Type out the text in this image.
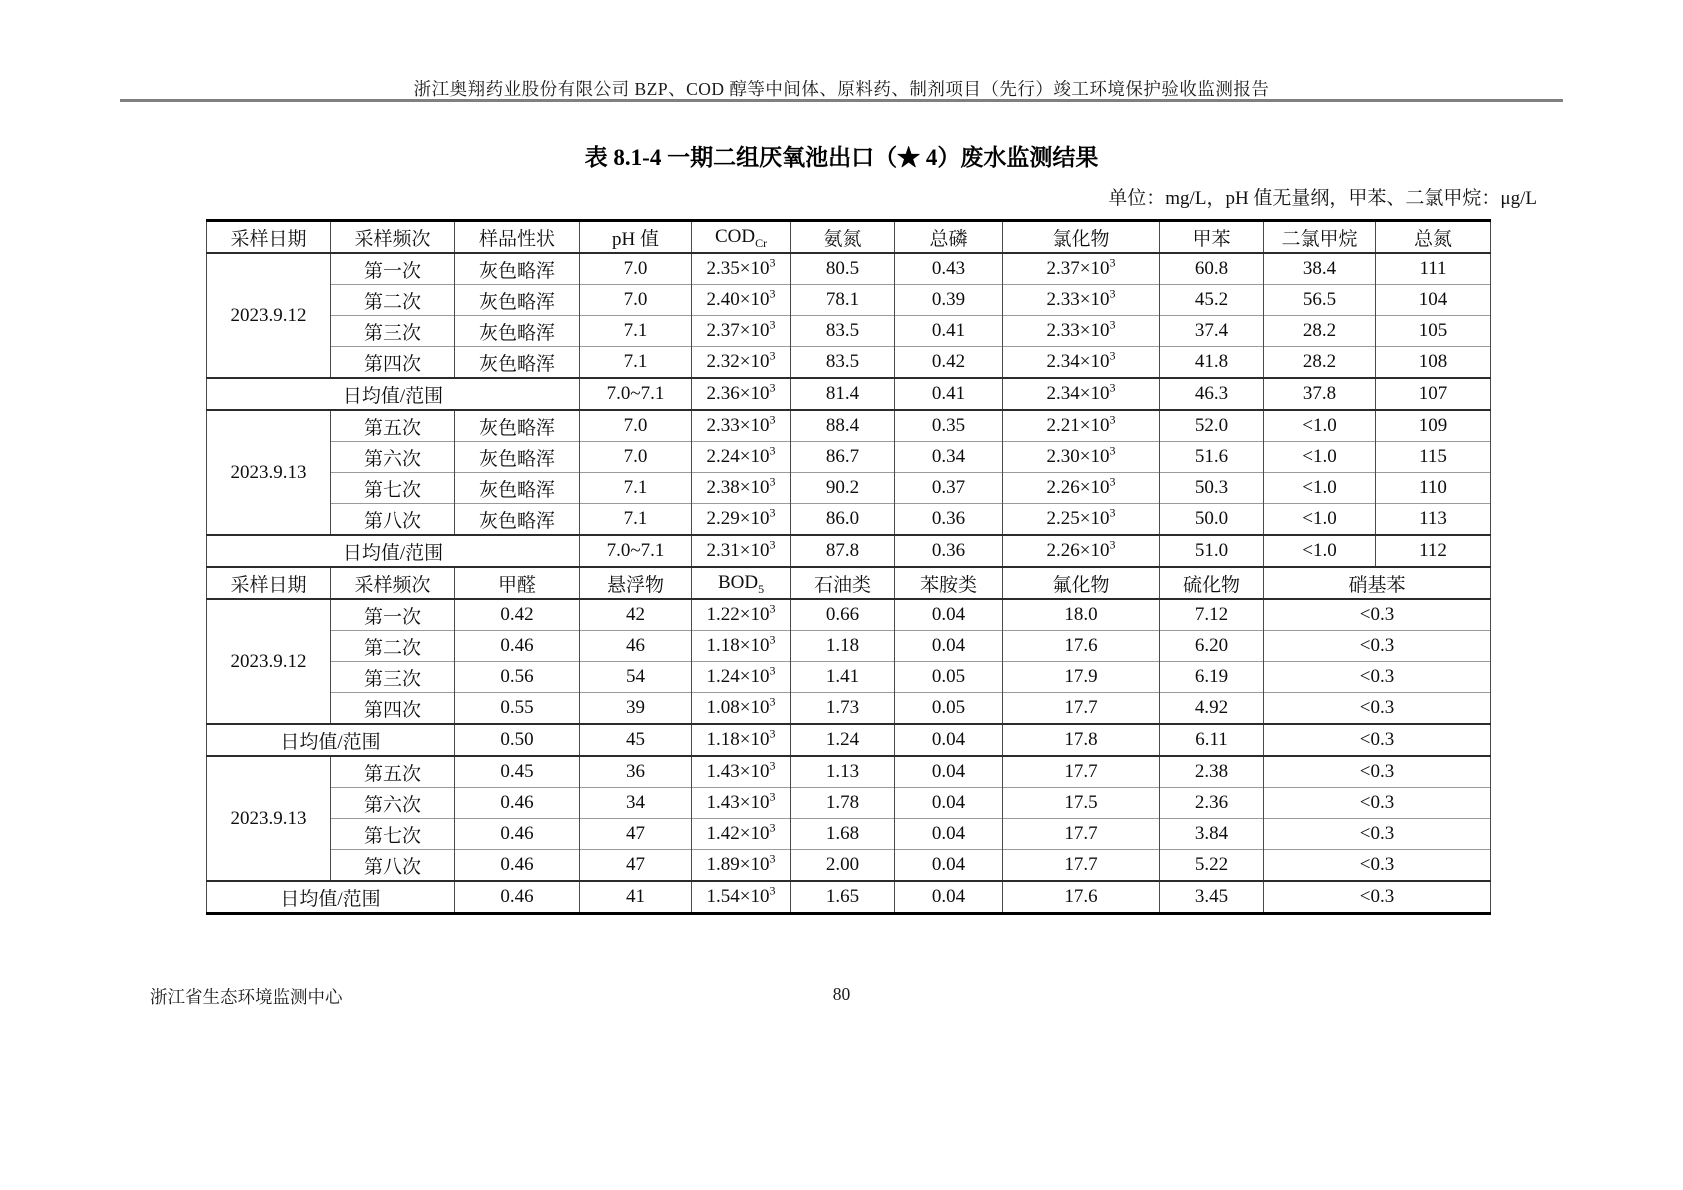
浙江奥翔药业股份有限公司 BZP、COD 醇等中间体、原料药、制剂项目（先行）竣工环境保护验收监测报告
表 8.1-4 一期二组厌氧池出口（★ 4）废水监测结果
单位：mg/L，pH 值无量纲，甲苯、二氯甲烷：μg/L
采样日期	采样频次	样品性状	pH 值	$COD_{Cr}$	氨氮	总磷	氯化物	甲苯	二氯甲烷	总氮
2023.9.12	第一次	灰色略浑	7.0	$2.35\times 10^3$	80.5	0.43	$2.37\times 10^3$	60.8	38.4	111
	第二次	灰色略浑	7.0	$2.40\times 10^3$	78.1	0.39	$2.33\times 10^3$	45.2	56.5	104
	第三次	灰色略浑	7.1	$2.37\times 10^3$	83.5	0.41	$2.33\times 10^3$	37.4	28.2	105
	第四次	灰色略浑	7.1	$2.32\times 10^3$	83.5	0.42	$2.34\times 10^3$	41.8	28.2	108
日均值/范围			7.0~7.1	$2.36\times 10^3$	81.4	0.41	$2.34\times 10^3$	46.3	37.8	107
2023.9.13	第五次	灰色略浑	7.0	$2.33\times 10^3$	88.4	0.35	$2.21\times 10^3$	52.0	<1.0	109
	第六次	灰色略浑	7.0	$2.24\times 10^3$	86.7	0.34	$2.30\times 10^3$	51.6	<1.0	115
	第七次	灰色略浑	7.1	$2.38\times 10^3$	90.2	0.37	$2.26\times 10^3$	50.3	<1.0	110
	第八次	灰色略浑	7.1	$2.29\times 10^3$	86.0	0.36	$2.25\times 10^3$	50.0	<1.0	113
日均值/范围			7.0~7.1	$2.31\times 10^3$	87.8	0.36	$2.26\times 10^3$	51.0	<1.0	112
采样日期	采样频次	甲醛	悬浮物	$BOD_5$	石油类	苯胺类	氟化物	硫化物	硝基苯	
2023.9.12	第一次	0.42	42	$1.22\times 10^3$	0.66	0.04	18.0	7.12	<0.3	
	第二次	0.46	46	$1.18\times 10^3$	1.18	0.04	17.6	6.20	<0.3	
	第三次	0.56	54	$1.24\times 10^3$	1.41	0.05	17.9	6.19	<0.3	
	第四次	0.55	39	$1.08\times 10^3$	1.73	0.05	17.7	4.92	<0.3	
日均值/范围		0.50	45	$1.18\times 10^3$	1.24	0.04	17.8	6.11	<0.3	
2023.9.13	第五次	0.45	36	$1.43\times 10^3$	1.13	0.04	17.7	2.38	<0.3	
	第六次	0.46	34	$1.43\times 10^3$	1.78	0.04	17.5	2.36	<0.3	
	第七次	0.46	47	$1.42\times 10^3$	1.68	0.04	17.7	3.84	<0.3	
	第八次	0.46	47	$1.89\times 10^3$	2.00	0.04	17.7	5.22	<0.3	
日均值/范围		0.46	41	$1.54\times 10^3$	1.65	0.04	17.6	3.45	<0.3	
浙江省生态环境监测中心	80
